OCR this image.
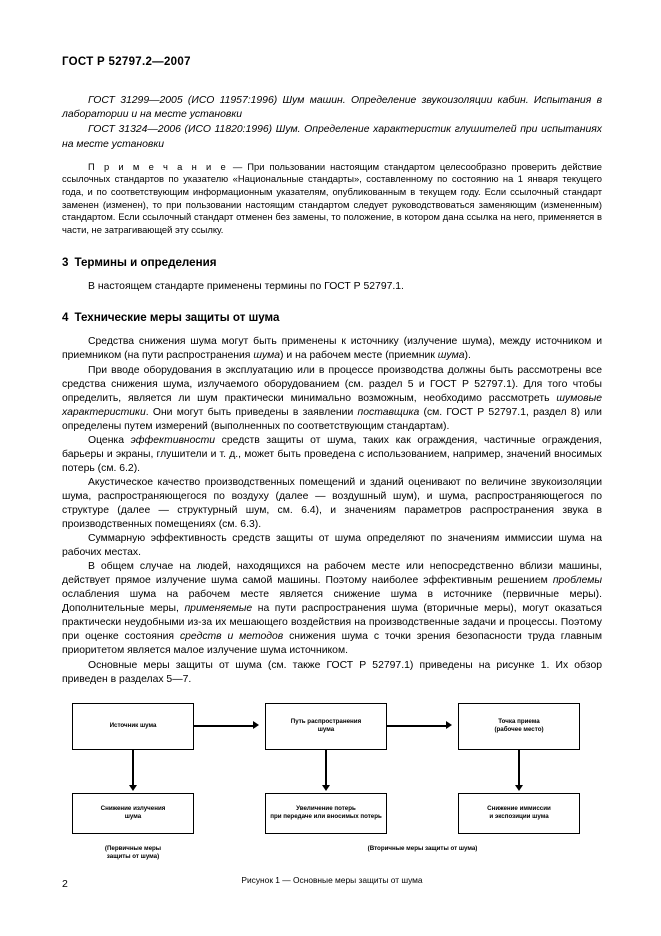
ГОСТ Р 52797.2—2007

ГОСТ 31299—2005 (ИСО 11957:1996) Шум машин. Определение звукоизоляции кабин. Испытания в лаборатории и на месте установки

ГОСТ 31324—2006 (ИСО 11820:1996) Шум. Определение характеристик глушителей при испытаниях на месте установки

П р и м е ч а н и е — При пользовании настоящим стандартом целесообразно проверить действие ссылочных стандартов по указателю «Национальные стандарты», составленному по состоянию на 1 января текущего года, и по соответствующим информационным указателям, опубликованным в текущем году. Если ссылочный стандарт заменен (изменен), то при пользовании настоящим стандартом следует руководствоваться заменяющим (измененным) стандартом. Если ссылочный стандарт отменен без замены, то положение, в котором дана ссылка на него, применяется в части, не затрагивающей эту ссылку.

3 Термины и определения

В настоящем стандарте применены термины по ГОСТ Р 52797.1.

4 Технические меры защиты от шума

Средства снижения шума могут быть применены к источнику (излучение шума), между источником и приемником (на пути распространения шума) и на рабочем месте (приемник шума).

При вводе оборудования в эксплуатацию или в процессе производства должны быть рассмотрены все средства снижения шума, излучаемого оборудованием (см. раздел 5 и ГОСТ Р 52797.1). Для того чтобы определить, является ли шум практически минимально возможным, необходимо рассмотреть шумовые характеристики. Они могут быть приведены в заявлении поставщика (см. ГОСТ Р 52797.1, раздел 8) или определены путем измерений (выполненных по соответствующим стандартам).

Оценка эффективности средств защиты от шума, таких как ограждения, частичные ограждения, барьеры и экраны, глушители и т. д., может быть проведена с использованием, например, значений вносимых потерь (см. 6.2).

Акустическое качество производственных помещений и зданий оценивают по величине звукоизоляции шума, распространяющегося по воздуху (далее — воздушный шум), и шума, распространяющегося по структуре (далее — структурный шум, см. 6.4), и значениям параметров распространения звука в производственных помещениях (см. 6.3).

Суммарную эффективность средств защиты от шума определяют по значениям иммиссии шума на рабочих местах.

В общем случае на людей, находящихся на рабочем месте или непосредственно вблизи машины, действует прямое излучение шума самой машины. Поэтому наиболее эффективным решением проблемы ослабления шума на рабочем месте является снижение шума в источнике (первичные меры). Дополнительные меры, применяемые на пути распространения шума (вторичные меры), могут оказаться практически неудобными из-за их мешающего воздействия на производственные задачи и процессы. Поэтому при оценке состояния средств и методов снижения шума с точки зрения безопасности труда главным приоритетом является малое излучение шума источником.

Основные меры защиты от шума (см. также ГОСТ Р 52797.1) приведены на рисунке 1. Их обзор приведен в разделах 5—7.

Источник шума
Путь распространения
шума
Точка приема
(рабочее место)
Снижение излучения
шума
Увеличение потерь
при передаче или вносимых потерь
Снижение иммиссии
и экспозиции шума
(Первичные меры
защиты от шума)
(Вторичные меры защиты от шума)
Рисунок 1 — Основные меры защиты от шума
2
